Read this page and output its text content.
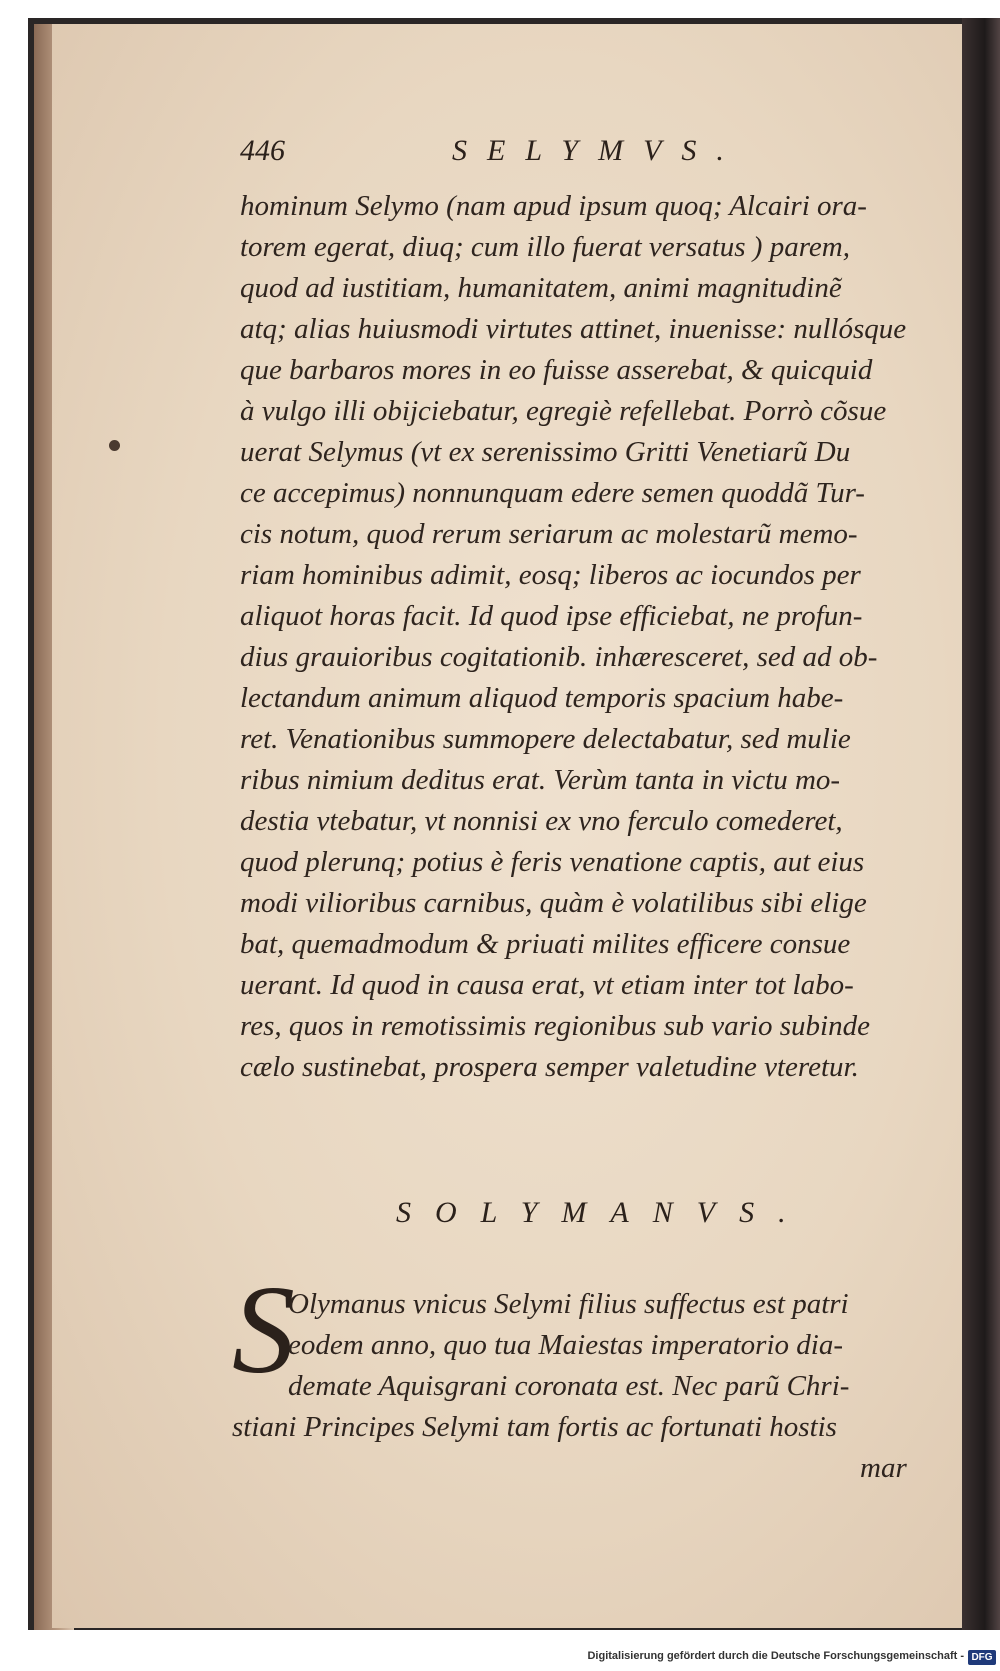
446	SELYMVS.
hominum Selymo (nam apud ipsum quoq; Alcairi ora-
torem egerat, diuq; cum illo fuerat versatus ) parem,
quod ad iustitiam, humanitatem, animi magnitudinẽ
atq; alias huiusmodi virtutes attinet, inuenisse: nullósque
que barbaros mores in eo fuisse asserebat, & quicquid
à vulgo illi obijciebatur, egregiè refellebat. Porrò cõsue
uerat Selymus (vt ex serenissimo Gritti Venetiarũ Du
ce accepimus) nonnunquam edere semen quoddã Tur-
cis notum, quod rerum seriarum ac molestarũ memo-
riam hominibus adimit, eosq; liberos ac iocundos per
aliquot horas facit. Id quod ipse efficiebat, ne profun-
dius grauioribus cogitationib. inhæresceret, sed ad ob-
lectandum animum aliquod temporis spacium habe-
ret. Venationibus summopere delectabatur, sed mulie
ribus nimium deditus erat. Verùm tanta in victu mo-
destia vtebatur, vt nonnisi ex vno ferculo comederet,
quod plerunq; potius è feris venatione captis, aut eius
modi vilioribus carnibus, quàm è volatilibus sibi elige
bat, quemadmodum & priuati milites efficere consue
uerant. Id quod in causa erat, vt etiam inter tot labo-
res, quos in remotissimis regionibus sub vario subinde
cælo sustinebat, prospera semper valetudine vteretur.
SOLYMANVS.
S
Olymanus vnicus Selymi filius suffectus est patri
eodem anno, quo tua Maiestas imperatorio dia-
demate Aquisgrani coronata est. Nec parũ Chri-
stiani Principes Selymi tam fortis ac fortunati hostis
mar
Digitalisierung gefördert durch die Deutsche Forschungsgemeinschaft - DFG
